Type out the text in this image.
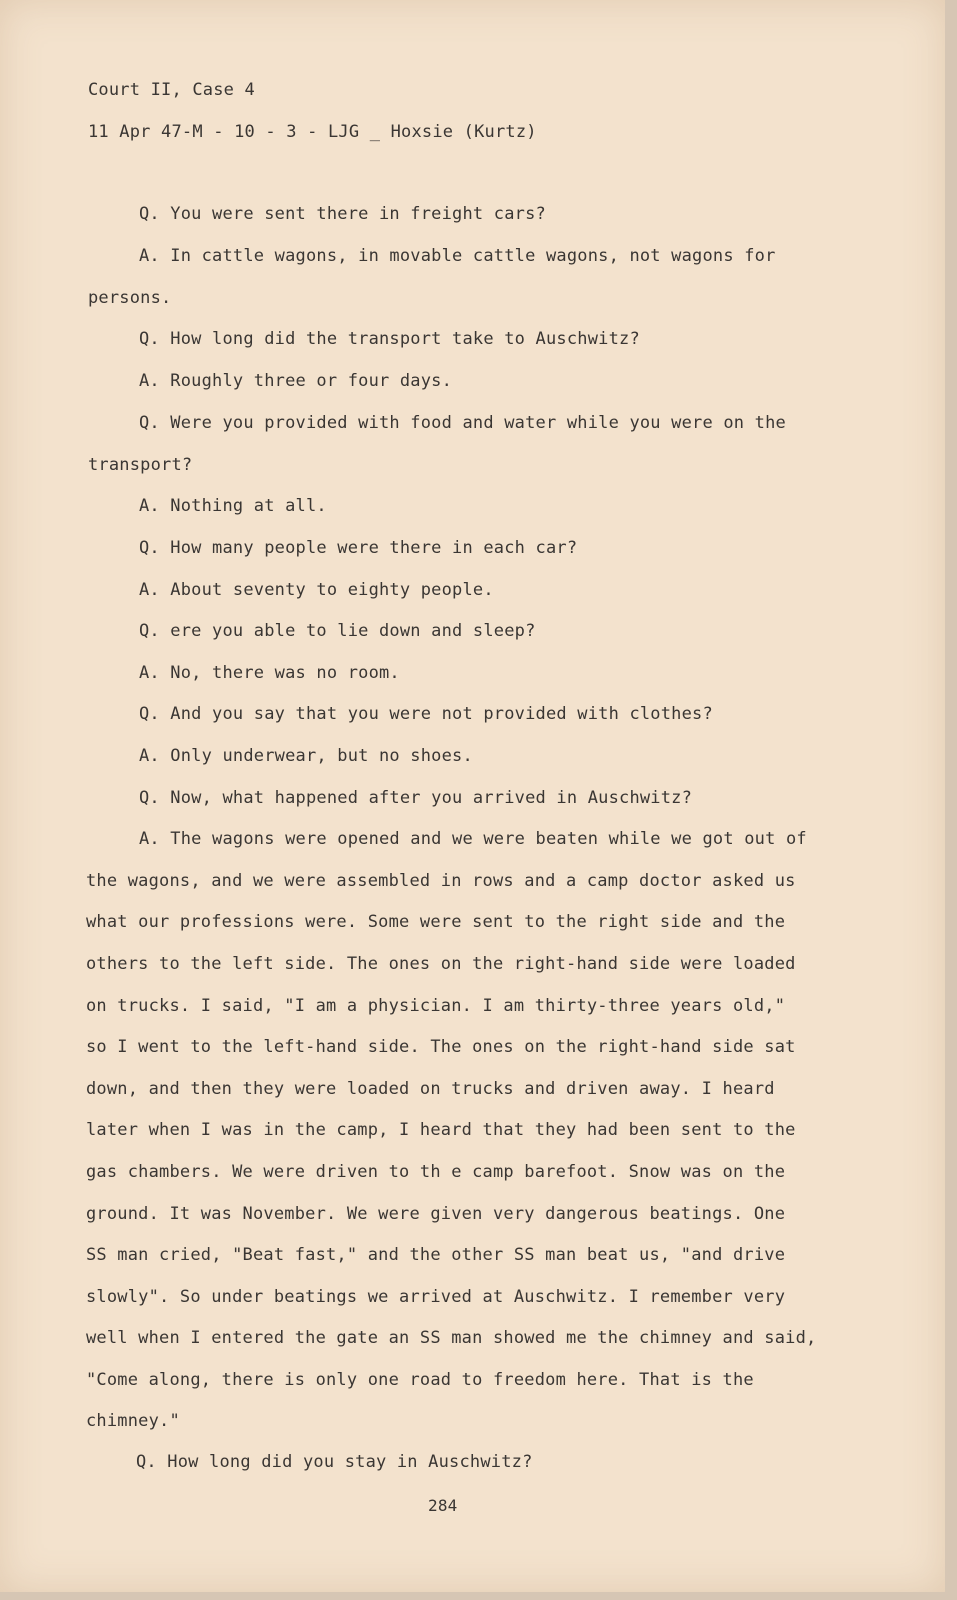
Court II, Case 4
11 Apr 47-M - 10 - 3 - LJG _ Hoxsie (Kurtz)
Q. You were sent there in freight cars?
A. In cattle wagons, in movable cattle wagons, not wagons for
persons.
Q. How long did the transport take to Auschwitz?
A. Roughly three or four days.
Q. Were you provided with food and water while you were on the
transport?
A. Nothing at all.
Q. How many people were there in each car?
A. About seventy to eighty people.
Q. ere you able to lie down and sleep?
A. No, there was no room.
Q. And you say that you were not provided with clothes?
A. Only underwear, but no shoes.
Q. Now, what happened after you arrived in Auschwitz?
A. The wagons were opened and we were beaten while we got out of
the wagons, and we were assembled in rows and a camp doctor asked us
what our professions were. Some were sent to the right side and the
others to the left side. The ones on the right-hand side were loaded
on trucks. I said, "I am a physician. I am thirty-three years old,"
so I went to the left-hand side. The ones on the right-hand side sat
down, and then they were loaded on trucks and driven away. I heard
later when I was in the camp, I heard that they had been sent to the
gas chambers. We were driven to th e camp barefoot. Snow was on the
ground. It was November. We were given very dangerous beatings. One
SS man cried, "Beat fast," and the other SS man beat us, "and drive
slowly". So under beatings we arrived at Auschwitz. I remember very
well when I entered the gate an SS man showed me the chimney and said,
"Come along, there is only one road to freedom here. That is the
chimney."
Q. How long did you stay in Auschwitz?
284
